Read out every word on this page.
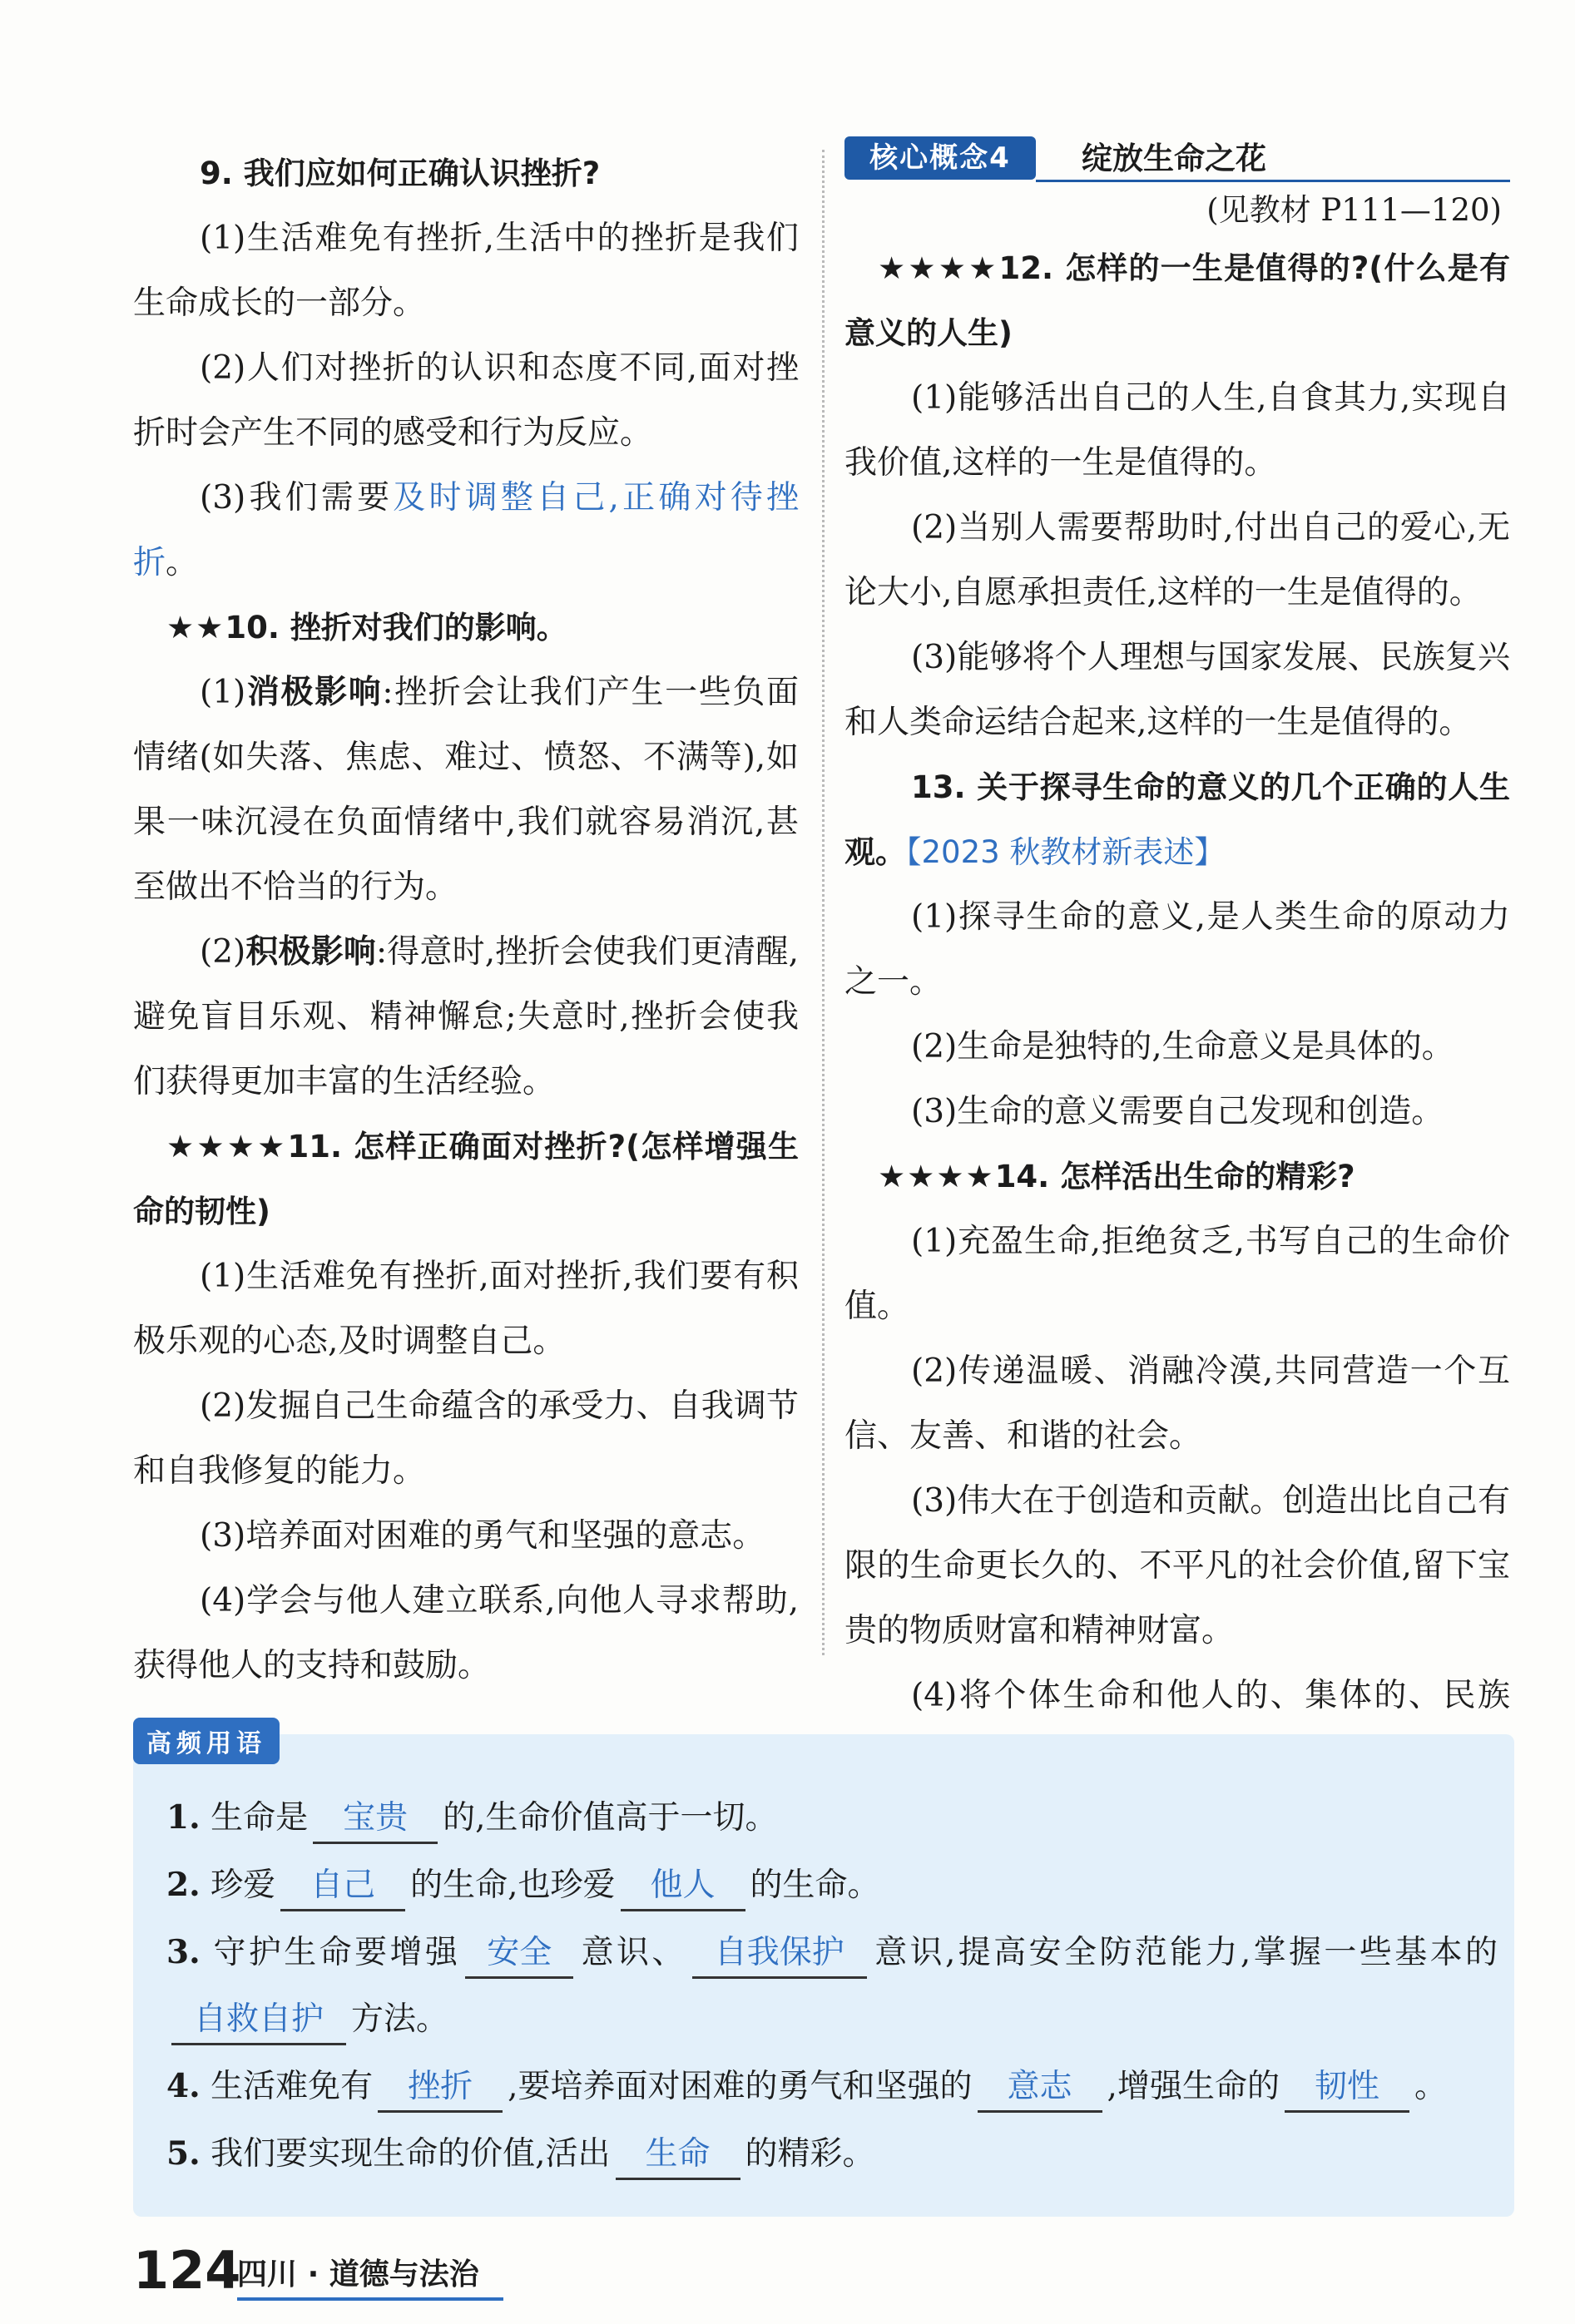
9. 我们应如何正确认识挫折?

(1)生活难免有挫折,生活中的挫折是我们生命成长的一部分。

(2)人们对挫折的认识和态度不同,面对挫折时会产生不同的感受和行为反应。

(3)我们需要及时调整自己,正确对待挫折。

★★10. 挫折对我们的影响。

(1)消极影响:挫折会让我们产生一些负面情绪(如失落、焦虑、难过、愤怒、不满等),如果一味沉浸在负面情绪中,我们就容易消沉,甚至做出不恰当的行为。

(2)积极影响:得意时,挫折会使我们更清醒,避免盲目乐观、精神懈怠;失意时,挫折会使我们获得更加丰富的生活经验。

★★★★11. 怎样正确面对挫折?(怎样增强生命的韧性)

(1)生活难免有挫折,面对挫折,我们要有积极乐观的心态,及时调整自己。

(2)发掘自己生命蕴含的承受力、自我调节和自我修复的能力。

(3)培养面对困难的勇气和坚强的意志。

(4)学会与他人建立联系,向他人寻求帮助,获得他人的支持和鼓励。

核心概念4	绽放生命之花
(见教材 P111—120)

★★★★12. 怎样的一生是值得的?(什么是有意义的人生)

(1)能够活出自己的人生,自食其力,实现自我价值,这样的一生是值得的。

(2)当别人需要帮助时,付出自己的爱心,无论大小,自愿承担责任,这样的一生是值得的。

(3)能够将个人理想与国家发展、民族复兴和人类命运结合起来,这样的一生是值得的。

13. 关于探寻生命的意义的几个正确的人生观。【2023 秋教材新表述】

(1)探寻生命的意义,是人类生命的原动力之一。

(2)生命是独特的,生命意义是具体的。

(3)生命的意义需要自己发现和创造。

★★★★14. 怎样活出生命的精彩?

(1)充盈生命,拒绝贫乏,书写自己的生命价值。

(2)传递温暖、消融冷漠,共同营造一个互信、友善、和谐的社会。

(3)伟大在于创造和贡献。创造出比自己有限的生命更长久的、不平凡的社会价值,留下宝贵的物质财富和精神财富。

(4)将个体生命和他人的、集体的、民族

高频用语

1. 生命是 宝贵 的,生命价值高于一切。

2. 珍爱 自己 的生命,也珍爱 他人 的生命。

3. 守护生命要增强 安全 意识、 自我保护 意识,提高安全防范能力,掌握一些基本的自救自护 方法。

4. 生活难免有 挫折 ,要培养面对困难的勇气和坚强的 意志 ,增强生命的 韧性 。

5. 我们要实现生命的价值,活出 生命 的精彩。

124
四川 · 道德与法治
